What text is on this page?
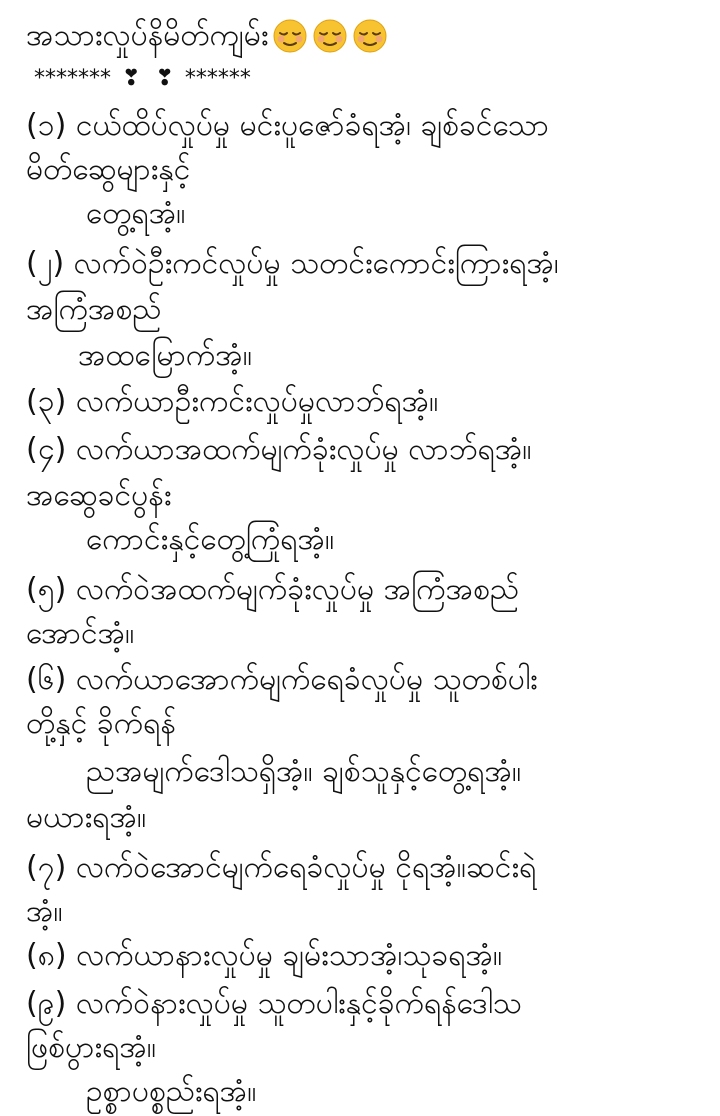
အသားလှုပ်နိမိတ်ကျမ်း
******* ❣ ❣ ******
(၁) ငယ်ထိပ်လှုပ်မှု မင်းပူဇော်ခံရအံ့၊ ချစ်ခင်သော
မိတ်ဆွေများနှင့်
တွေ့ရအံ့။
(၂) လက်ဝဲဦးကင်လှုပ်မှု သတင်းကောင်းကြားရအံ့၊
အကြံအစည်
အထမြောက်အံ့။
(၃) လက်ယာဦးကင်းလှုပ်မှုလာဘ်ရအံ့။
(၄) လက်ယာအထက်မျက်ခုံးလှုပ်မှု လာဘ်ရအံ့။
အဆွေခင်ပွန်း
ကောင်းနှင့်တွေ့ကြုံရအံ့။
(၅) လက်ဝဲအထက်မျက်ခုံးလှုပ်မှု အကြံအစည်
အောင်အံ့။
(၆) လက်ယာအောက်မျက်ရေခံလှုပ်မှု သူတစ်ပါး
တို့နှင့် ခိုက်ရန်
ညအမျက်ဒေါသရှိအံ့။ ချစ်သူနှင့်တွေ့ရအံ့။
မယားရအံ့။
(၇) လက်ဝဲအောင်မျက်ရေခံလှုပ်မှု ငိုရအံ့။ဆင်းရဲ
အံ့။
(၈) လက်ယာနားလှုပ်မှု ချမ်းသာအံ့၊သုခရအံ့။
(၉) လက်ဝဲနားလှုပ်မှု သူတပါးနှင့်ခိုက်ရန်ဒေါသ
ဖြစ်ပွားရအံ့။
ဥစ္စာပစ္စည်းရအံ့။
